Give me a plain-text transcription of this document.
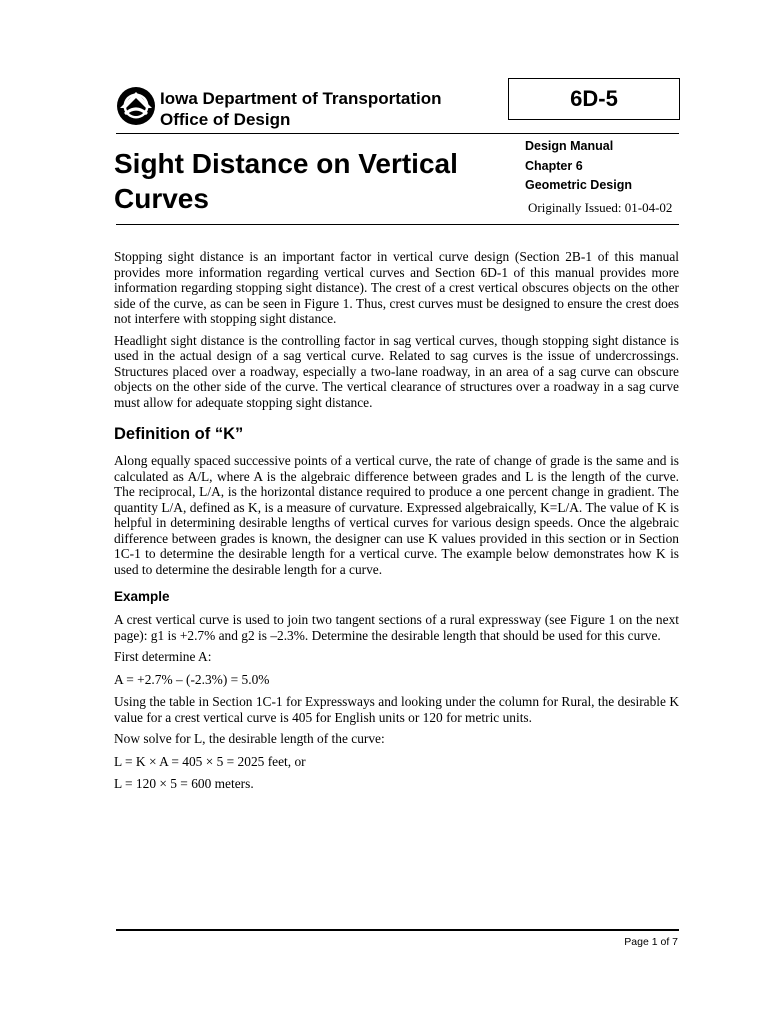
Iowa Department of Transportation
Office of Design
6D-5
Sight Distance on Vertical
Curves
Design Manual
Chapter 6
Geometric Design
Originally Issued: 01-04-02

Stopping sight distance is an important factor in vertical curve design (Section 2B-1 of this manual provides more information regarding vertical curves and Section 6D-1 of this manual provides more information regarding stopping sight distance). The crest of a crest vertical obscures objects on the other side of the curve, as can be seen in Figure 1. Thus, crest curves must be designed to ensure the crest does not interfere with stopping sight distance.

Headlight sight distance is the controlling factor in sag vertical curves, though stopping sight distance is used in the actual design of a sag vertical curve. Related to sag curves is the issue of undercrossings. Structures placed over a roadway, especially a two-lane roadway, in an area of a sag curve can obscure objects on the other side of the curve. The vertical clearance of structures over a roadway in a sag curve must allow for adequate stopping sight distance.

Definition of “K”

Along equally spaced successive points of a vertical curve, the rate of change of grade is the same and is calculated as A/L, where A is the algebraic difference between grades and L is the length of the curve. The reciprocal, L/A, is the horizontal distance required to produce a one percent change in gradient. The quantity L/A, defined as K, is a measure of curvature. Expressed algebraically, K=L/A. The value of K is helpful in determining desirable lengths of vertical curves for various design speeds. Once the algebraic difference between grades is known, the designer can use K values provided in this section or in Section 1C-1 to determine the desirable length for a vertical curve. The example below demonstrates how K is used to determine the desirable length for a curve.

Example

A crest vertical curve is used to join two tangent sections of a rural expressway (see Figure 1 on the next page): g1 is +2.7% and g2 is –2.3%. Determine the desirable length that should be used for this curve.

First determine A:

A = +2.7% – (-2.3%) = 5.0%

Using the table in Section 1C-1 for Expressways and looking under the column for Rural, the desirable K value for a crest vertical curve is 405 for English units or 120 for metric units.

Now solve for L, the desirable length of the curve:

L = K × A = 405 × 5 = 2025 feet, or

L = 120 × 5 = 600 meters.

Page 1 of 7
